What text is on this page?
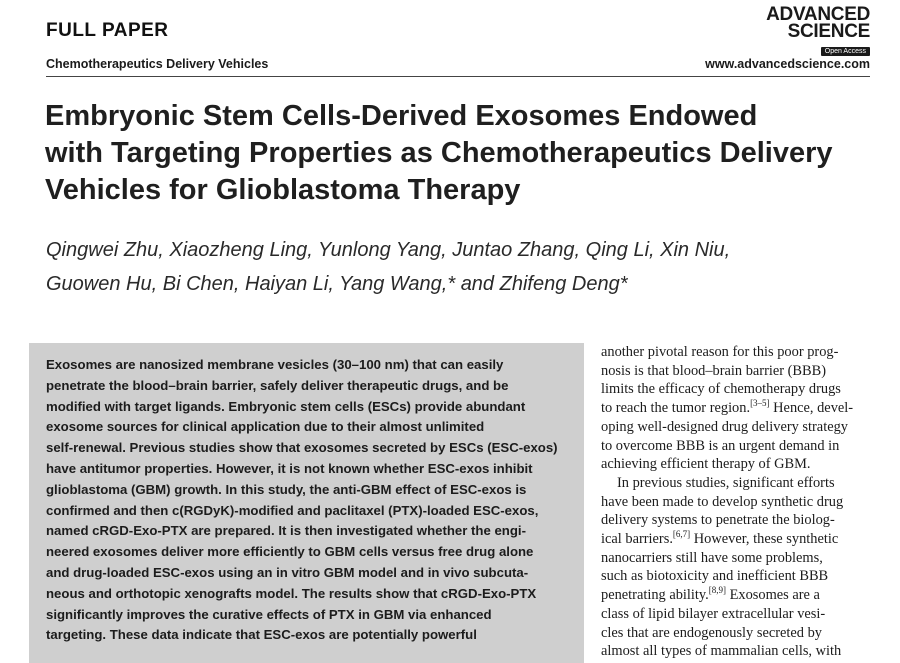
FULL PAPER
Chemotherapeutics Delivery Vehicles
ADVANCED
SCIENCE
Open Access
www.advancedscience.com
Embryonic Stem Cells-Derived Exosomes Endowed
with Targeting Properties as Chemotherapeutics Delivery
Vehicles for Glioblastoma Therapy
Qingwei Zhu, Xiaozheng Ling, Yunlong Yang, Juntao Zhang, Qing Li, Xin Niu,
Guowen Hu, Bi Chen, Haiyan Li, Yang Wang,* and Zhifeng Deng*
Exosomes are nanosized membrane vesicles (30–100 nm) that can easily
penetrate the blood–brain barrier, safely deliver therapeutic drugs, and be
modified with target ligands. Embryonic stem cells (ESCs) provide abundant
exosome sources for clinical application due to their almost unlimited
self-renewal. Previous studies show that exosomes secreted by ESCs (ESC-exos)
have antitumor properties. However, it is not known whether ESC-exos inhibit
glioblastoma (GBM) growth. In this study, the anti-GBM effect of ESC-exos is
confirmed and then c(RGDyK)-modified and paclitaxel (PTX)-loaded ESC-exos,
named cRGD-Exo-PTX are prepared. It is then investigated whether the engi-
neered exosomes deliver more efficiently to GBM cells versus free drug alone
and drug-loaded ESC-exos using an in vitro GBM model and in vivo subcuta-
neous and orthotopic xenografts model. The results show that cRGD-Exo-PTX
significantly improves the curative effects of PTX in GBM via enhanced
targeting. These data indicate that ESC-exos are potentially powerful
another pivotal reason for this poor prog-
nosis is that blood–brain barrier (BBB)
limits the efficacy of chemotherapy drugs
to reach the tumor region.[3–5] Hence, devel-
oping well-designed drug delivery strategy
to overcome BBB is an urgent demand in
achieving efficient therapy of GBM.
In previous studies, significant efforts
have been made to develop synthetic drug
delivery systems to penetrate the biolog-
ical barriers.[6,7] However, these synthetic
nanocarriers still have some problems,
such as biotoxicity and inefficient BBB
penetrating ability.[8,9] Exosomes are a
class of lipid bilayer extracellular vesi-
cles that are endogenously secreted by
almost all types of mammalian cells, with
